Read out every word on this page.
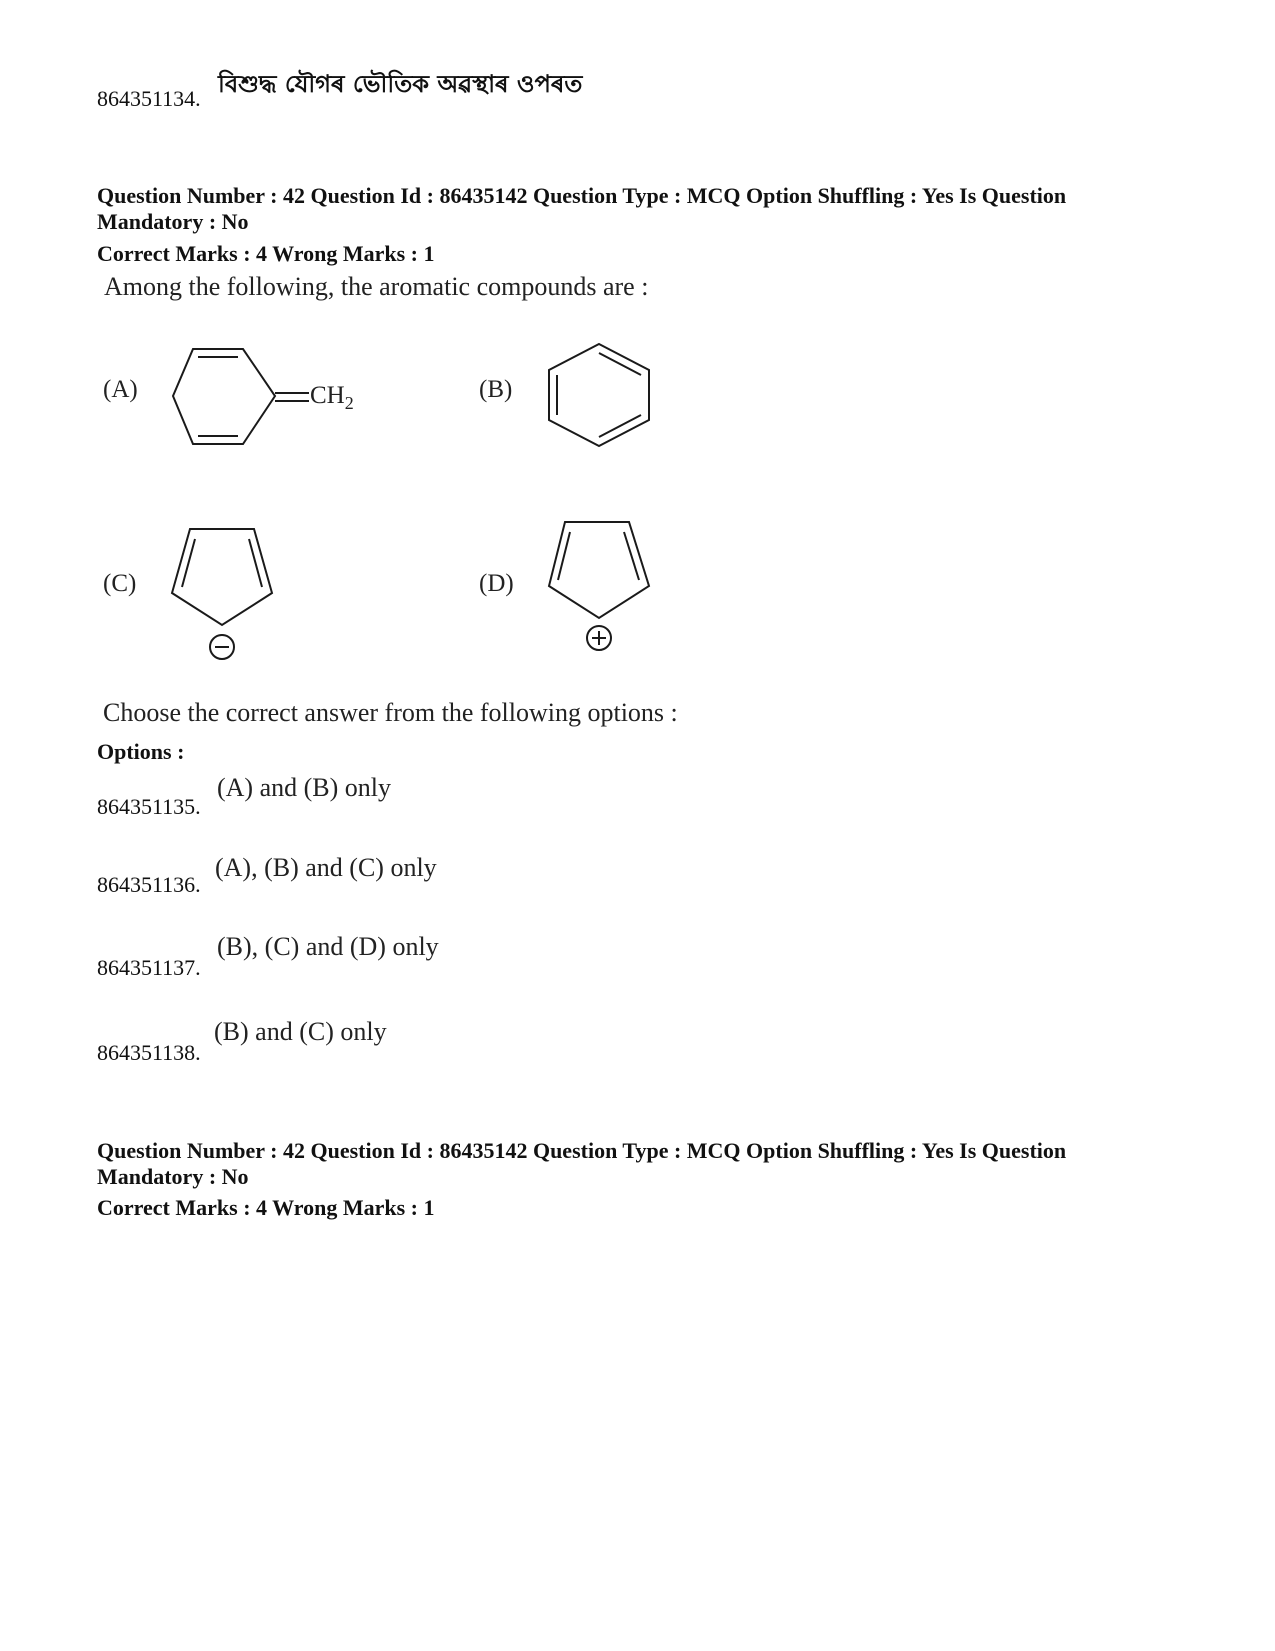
864351134.
বিশুদ্ধ যৌগৰ ভৌতিক অৱস্থাৰ ওপৰত
Question Number : 42 Question Id : 86435142 Question Type : MCQ Option Shuffling : Yes Is Question
Mandatory : No
Correct Marks : 4 Wrong Marks : 1
Among the following, the aromatic compounds are :
(A)	$CH_2$	(B)
(C)	(D)
Choose the correct answer from the following options :
Options :
864351135.
(A) and (B) only
864351136.
(A), (B) and (C) only
864351137.
(B), (C) and (D) only
864351138.
(B) and (C) only
Question Number : 42 Question Id : 86435142 Question Type : MCQ Option Shuffling : Yes Is Question
Mandatory : No
Correct Marks : 4 Wrong Marks : 1
